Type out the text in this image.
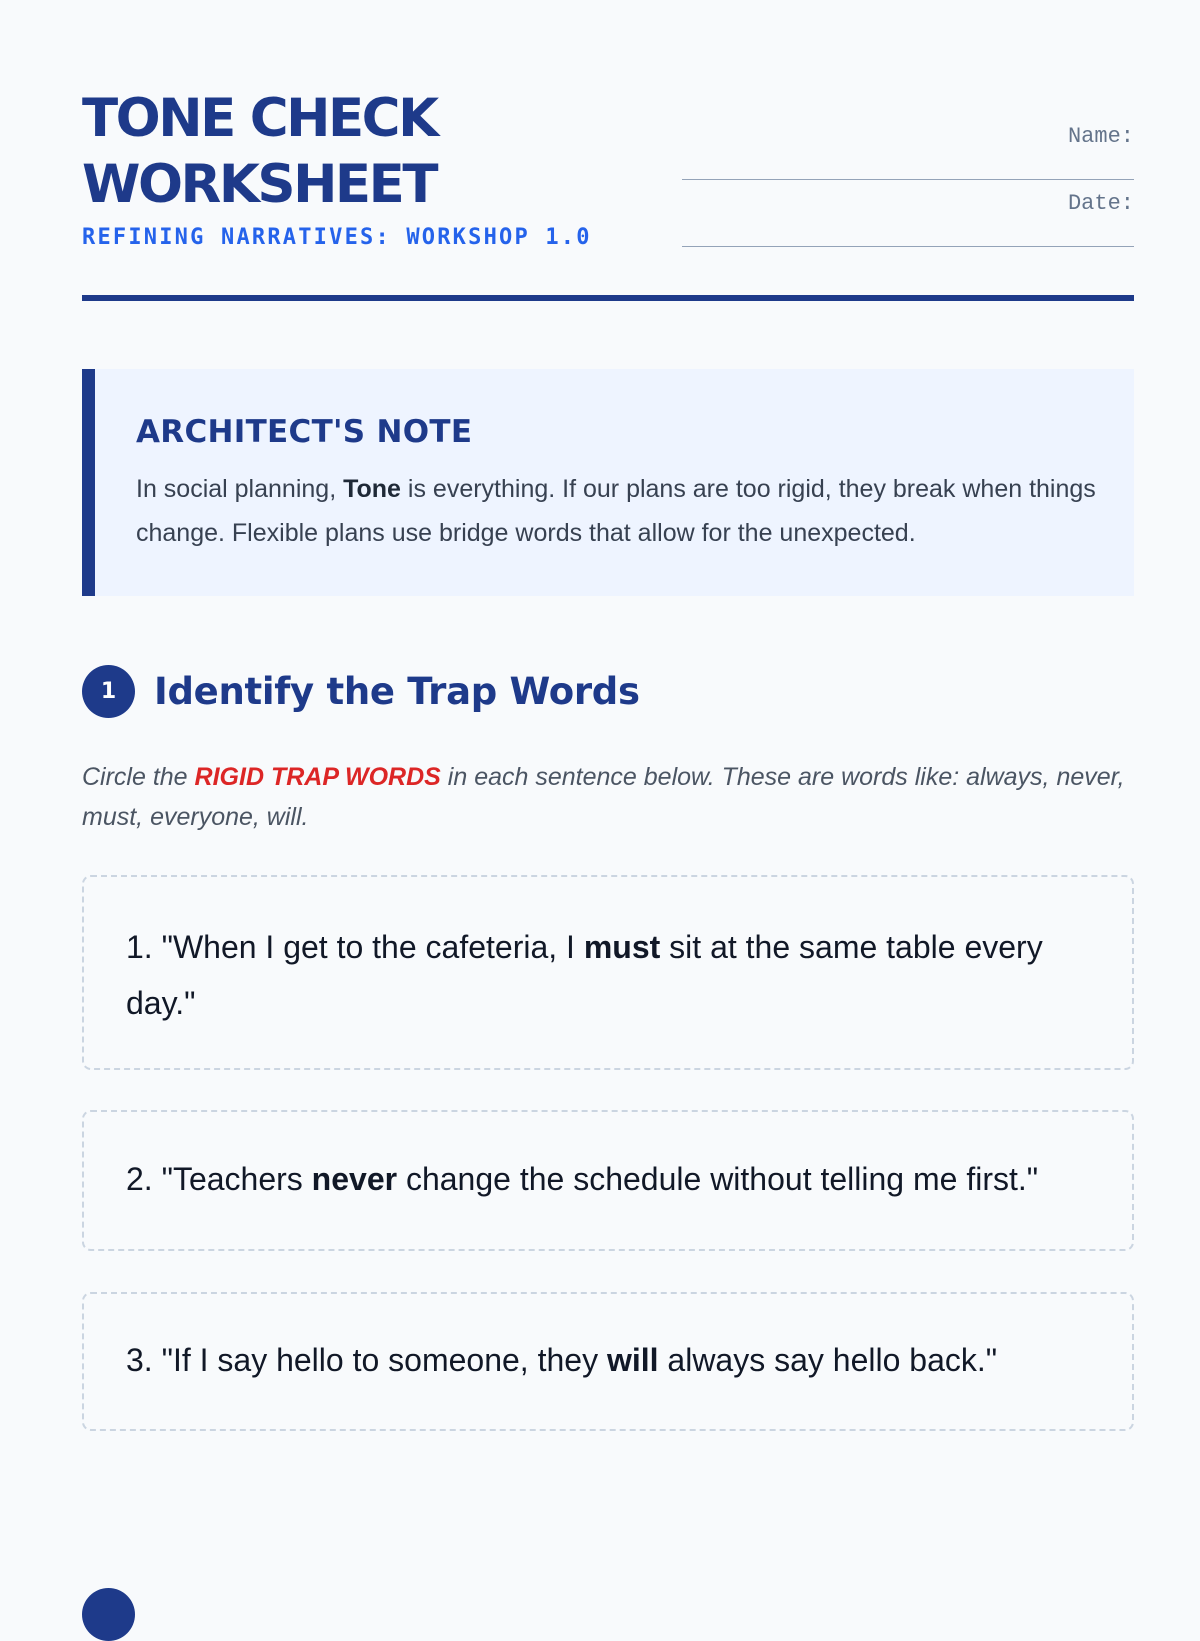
TONE CHECK
WORKSHEET
REFINING NARRATIVES: WORKSHOP 1.0
Name:
Date:
ARCHITECT'S NOTE

In social planning, Tone is everything. If our plans are too rigid, they break when things change. Flexible plans use bridge words that allow for the unexpected.

1	Identify the Trap Words

Circle the RIGID TRAP WORDS in each sentence below. These are words like: always, never, must, everyone, will.

1. "When I get to the cafeteria, I must sit at the same table every day."
2. "Teachers never change the schedule without telling me first."
3. "If I say hello to someone, they will always say hello back."
